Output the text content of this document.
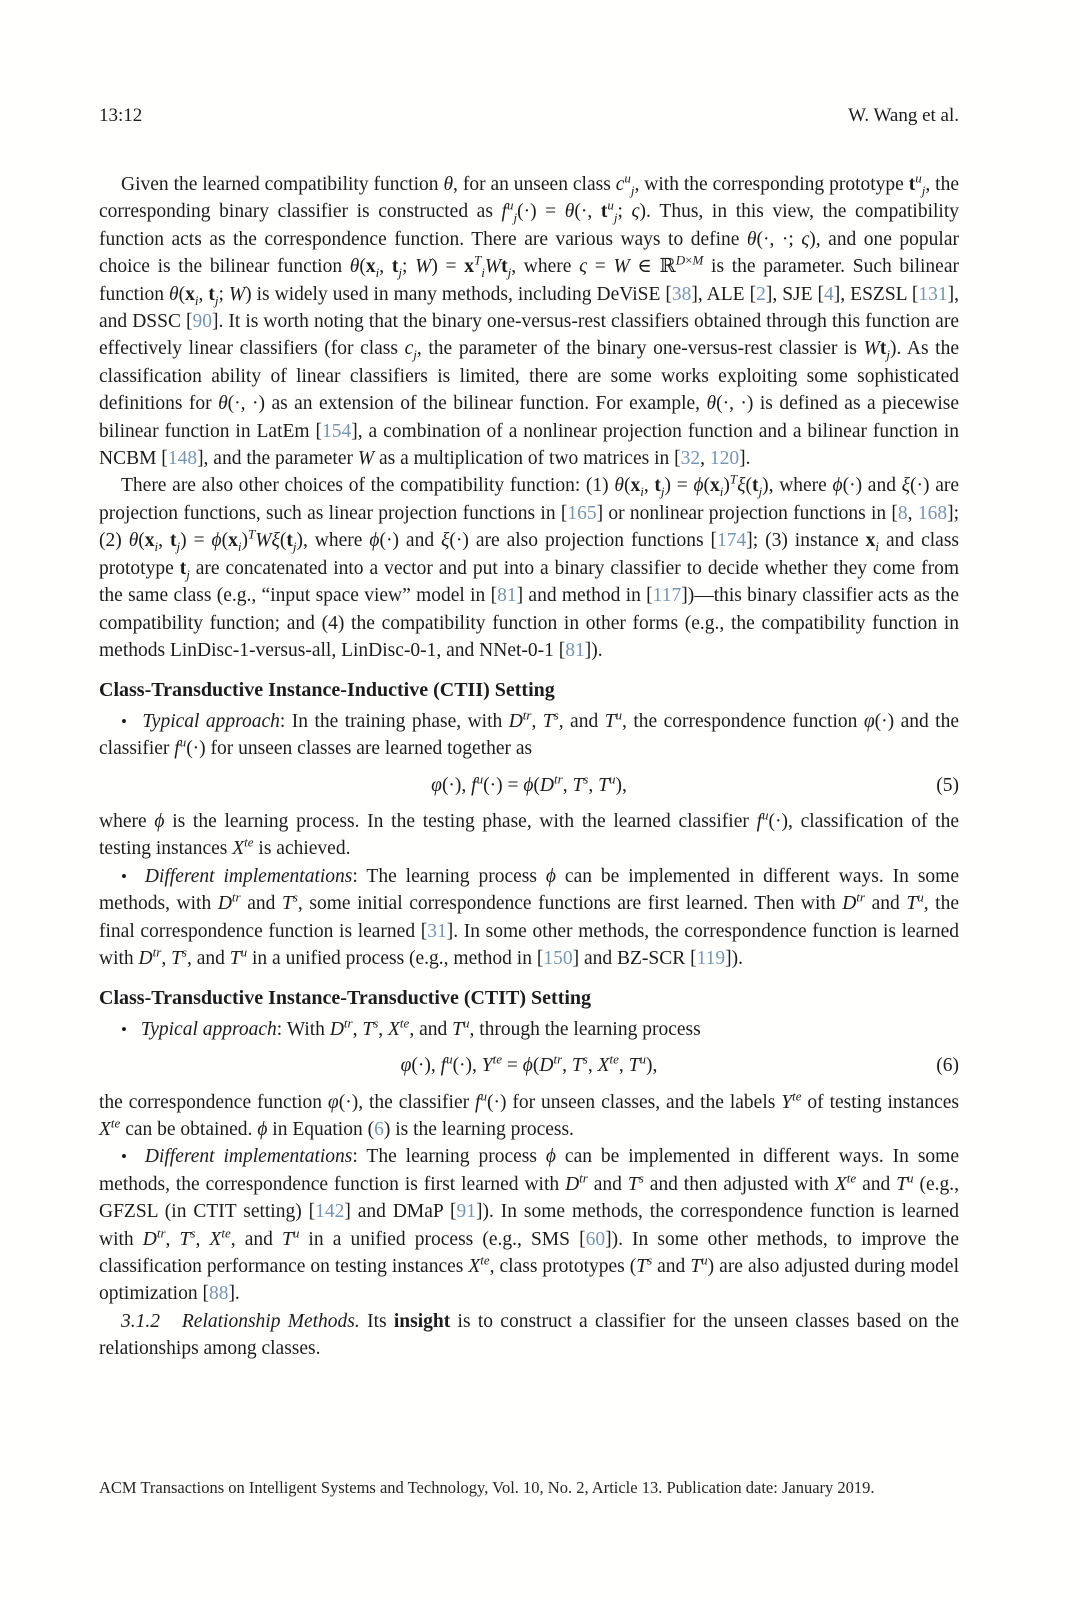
13:12	W. Wang et al.

Given the learned compatibility function θ, for an unseen class $c^u_j$, with the corresponding prototype $t^u_j$, the corresponding binary classifier is constructed as $f^u_j(\cdot) = \theta(\cdot$, $t^u_j$; ς). Thus, in this view, the compatibility function acts as the correspondence function. There are various ways to define θ(·, ·; ς), and one popular choice is the bilinear function $\theta(x_i$, $t_j$; $W) = x^T_iWt_j$, where ς = W ∈ ℝ$^{D\times M}$ is the parameter. Such bilinear function $\theta(x_i$, $t_j$; W) is widely used in many methods, including DeViSE [38], ALE [2], SJE [4], ESZSL [131], and DSSC [90]. It is worth noting that the binary one-versus-rest classifiers obtained through this function are effectively linear classifiers (for class $c_j$, the parameter of the binary one-versus-rest classier is $Wt_j$). As the classification ability of linear classifiers is limited, there are some works exploiting some sophisticated definitions for θ(·, ·) as an extension of the bilinear function. For example, θ(·, ·) is defined as a piecewise bilinear function in LatEm [154], a combination of a nonlinear projection function and a bilinear function in NCBM [148], and the parameter W as a multiplication of two matrices in [32, 120].

There are also other choices of the compatibility function: (1) $\theta(x_i$, $t_j) = \phi(x_i)^T\xi(t_j)$, where ϕ(·) and ξ(·) are projection functions, such as linear projection functions in [165] or nonlinear projection functions in [8, 168]; (2) $\theta(x_i$, $t_j) = \phi(x_i)^TW\xi(t_j)$, where ϕ(·) and ξ(·) are also projection functions [174]; (3) instance $x_i$ and class prototype $t_j$ are concatenated into a vector and put into a binary classifier to decide whether they come from the same class (e.g., “input space view” model in [81] and method in [117])—this binary classifier acts as the compatibility function; and (4) the compatibility function in other forms (e.g., the compatibility function in methods LinDisc-1-versus-all, LinDisc-0-1, and NNet-0-1 [81]).

Class-Transductive Instance-Inductive (CTII) Setting

• Typical approach: In the training phase, with $D^{tr}$, $T^s$, and $T^u$, the correspondence function φ(·) and the classifier $f^u(\cdot)$ for unseen classes are learned together as

φ(·), $f^u(\cdot) = \phi(D^{tr}$, $T^s$, $T^u$),	(5)

where ϕ is the learning process. In the testing phase, with the learned classifier $f^u(\cdot)$, classification of the testing instances $X^{te}$ is achieved.

• Different implementations: The learning process ϕ can be implemented in different ways. In some methods, with $D^{tr}$ and $T^s$, some initial correspondence functions are first learned. Then with $D^{tr}$ and $T^u$, the final correspondence function is learned [31]. In some other methods, the correspondence function is learned with $D^{tr}$, $T^s$, and $T^u$ in a unified process (e.g., method in [150] and BZ-SCR [119]).

Class-Transductive Instance-Transductive (CTIT) Setting

• Typical approach: With $D^{tr}$, $T^s$, $X^{te}$, and $T^u$, through the learning process

φ(·), $f^u(\cdot)$, $Y^{te} = \phi(D^{tr}$, $T^s$, $X^{te}$, $T^u$),	(6)

the correspondence function φ(·), the classifier $f^u(\cdot)$ for unseen classes, and the labels $Y^{te}$ of testing instances $X^{te}$ can be obtained. ϕ in Equation (6) is the learning process.

• Different implementations: The learning process ϕ can be implemented in different ways. In some methods, the correspondence function is first learned with $D^{tr}$ and $T^s$ and then adjusted with $X^{te}$ and $T^u$ (e.g., GFZSL (in CTIT setting) [142] and DMaP [91]). In some methods, the correspondence function is learned with $D^{tr}$, $T^s$, $X^{te}$, and $T^u$ in a unified process (e.g., SMS [60]). In some other methods, to improve the classification performance on testing instances $X^{te}$, class prototypes ($T^s$ and $T^u$) are also adjusted during model optimization [88].

3.1.2   Relationship Methods. Its insight is to construct a classifier for the unseen classes based on the relationships among classes.

ACM Transactions on Intelligent Systems and Technology, Vol. 10, No. 2, Article 13. Publication date: January 2019.
